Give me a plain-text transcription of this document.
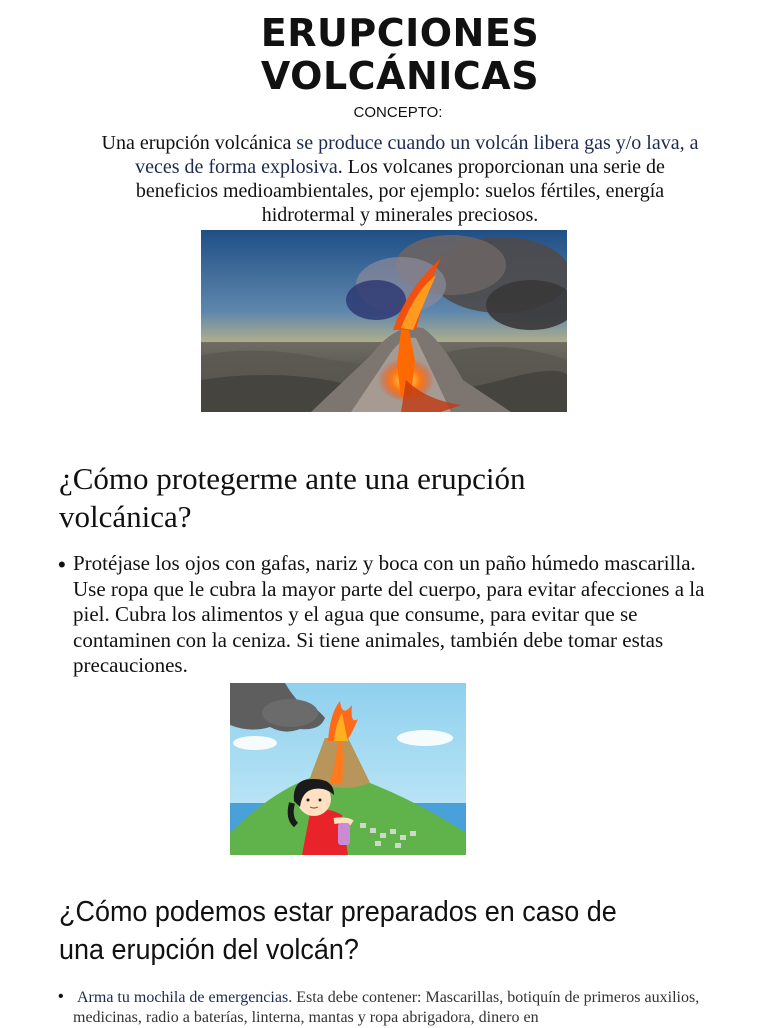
ERUPCIONES
VOLCÁNICAS
CONCEPTO:
Una erupción volcánica se produce cuando un volcán libera gas y/o lava, a veces de forma explosiva. Los volcanes proporcionan una serie de beneficios medioambientales, por ejemplo: suelos fértiles, energía hidrotermal y minerales preciosos.
¿Cómo protegerme ante una erupción
volcánica?
• Protéjase los ojos con gafas, nariz y boca con un paño húmedo mascarilla. Use ropa que le cubra la mayor parte del cuerpo, para evitar afecciones a la piel. Cubra los alimentos y el agua que consume, para evitar que se contaminen con la ceniza. Si tiene animales, también debe tomar estas precauciones.
¿Cómo podemos estar preparados en caso de
una erupción del volcán?
• Arma tu mochila de emergencias. Esta debe contener: Mascarillas, botiquín de primeros auxilios, medicinas, radio a baterías, linterna, mantas y ropa abrigadora, dinero en
